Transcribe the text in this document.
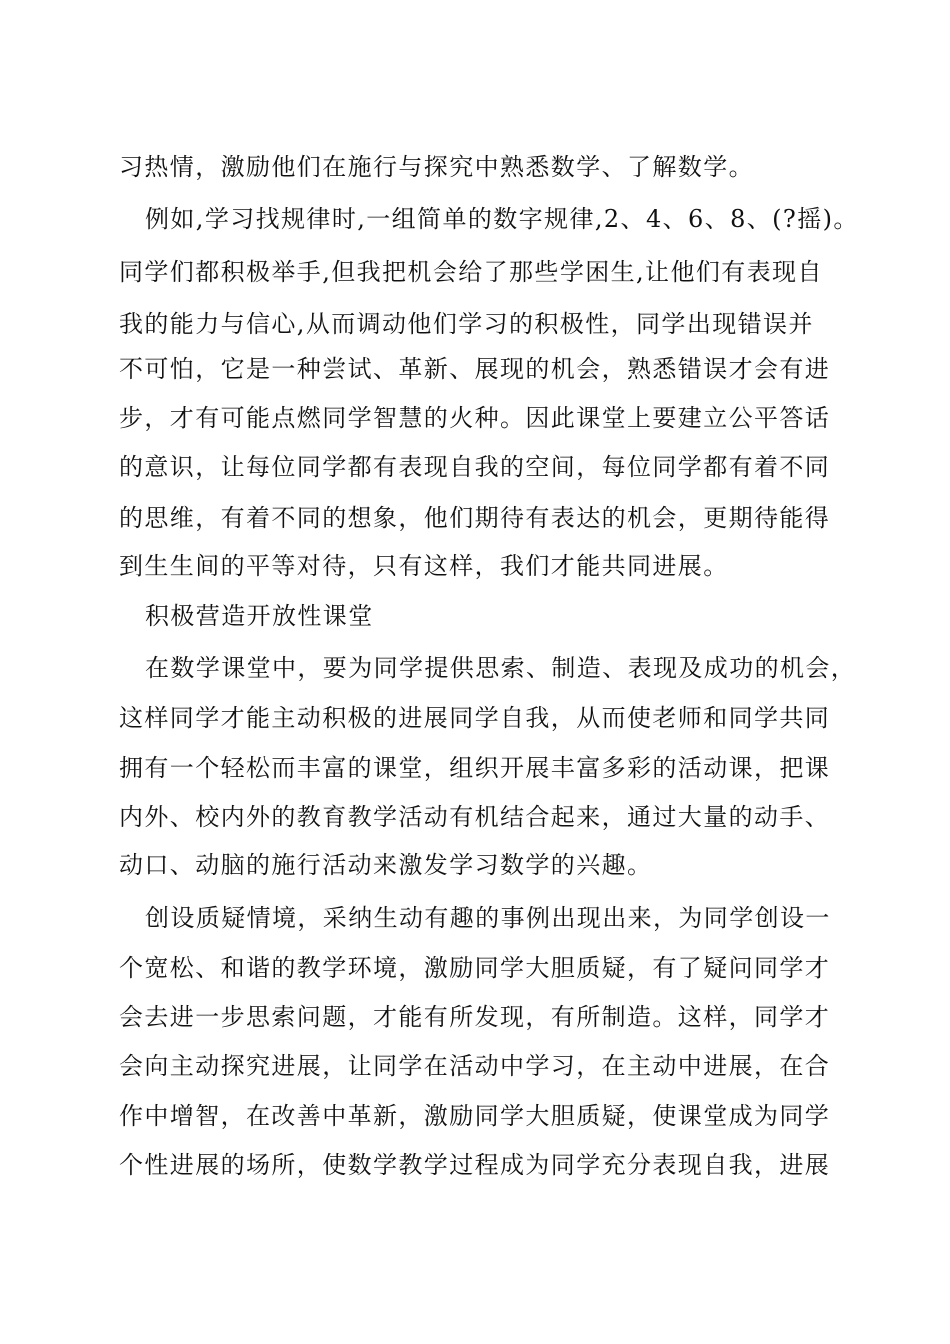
习热情，激励他们在施行与探究中熟悉数学、了解数学。
例如,学习找规律时,一组简单的数字规律,2、4、6、8、(?摇)。
同学们都积极举手,但我把机会给了那些学困生,让他们有表现自
我的能力与信心,从而调动他们学习的积极性，同学出现错误并
不可怕，它是一种尝试、革新、展现的机会，熟悉错误才会有进
步，才有可能点燃同学智慧的火种。因此课堂上要建立公平答话
的意识，让每位同学都有表现自我的空间，每位同学都有着不同
的思维，有着不同的想象，他们期待有表达的机会，更期待能得
到生生间的平等对待，只有这样，我们才能共同进展。
积极营造开放性课堂
在数学课堂中，要为同学提供思索、制造、表现及成功的机会，
这样同学才能主动积极的进展同学自我，从而使老师和同学共同
拥有一个轻松而丰富的课堂，组织开展丰富多彩的活动课，把课
内外、校内外的教育教学活动有机结合起来，通过大量的动手、
动口、动脑的施行活动来激发学习数学的兴趣。
创设质疑情境，采纳生动有趣的事例出现出来，为同学创设一
个宽松、和谐的教学环境，激励同学大胆质疑，有了疑问同学才
会去进一步思索问题，才能有所发现，有所制造。这样，同学才
会向主动探究进展，让同学在活动中学习，在主动中进展，在合
作中增智，在改善中革新，激励同学大胆质疑，使课堂成为同学
个性进展的场所，使数学教学过程成为同学充分表现自我，进展
